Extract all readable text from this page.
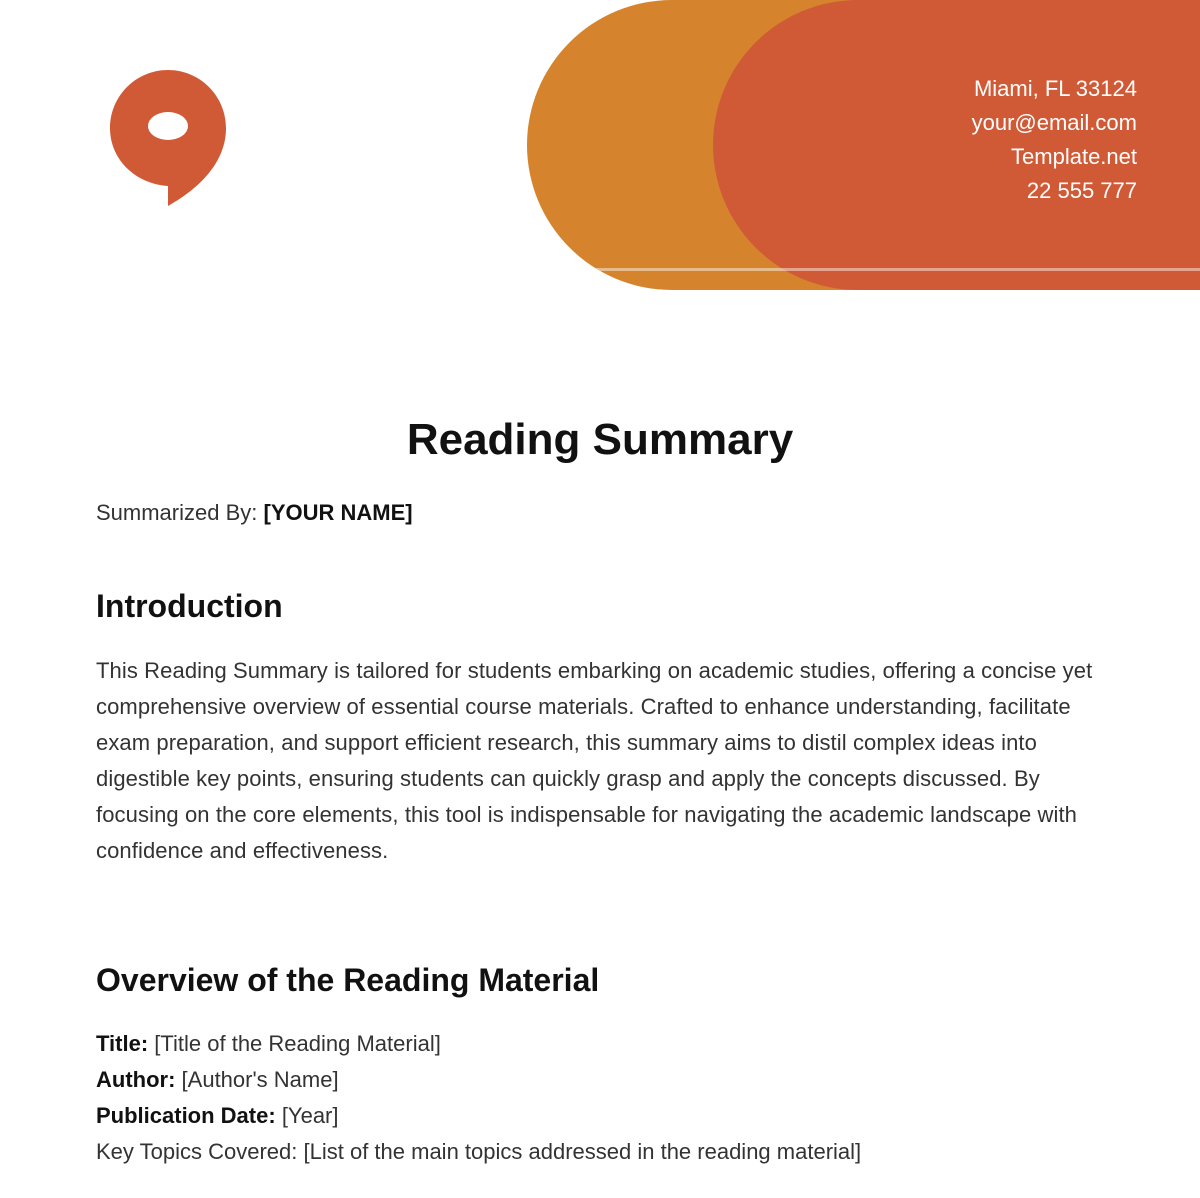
Miami, FL 33124
your@email.com
Template.net
22 555 777
Reading Summary
Summarized By: [YOUR NAME]
Introduction

This Reading Summary is tailored for students embarking on academic studies, offering a concise yet comprehensive overview of essential course materials. Crafted to enhance understanding, facilitate exam preparation, and support efficient research, this summary aims to distil complex ideas into digestible key points, ensuring students can quickly grasp and apply the concepts discussed. By focusing on the core elements, this tool is indispensable for navigating the academic landscape with confidence and effectiveness.

Overview of the Reading Material
Title: [Title of the Reading Material]
Author: [Author's Name]
Publication Date: [Year]
Key Topics Covered: [List of the main topics addressed in the reading material]
